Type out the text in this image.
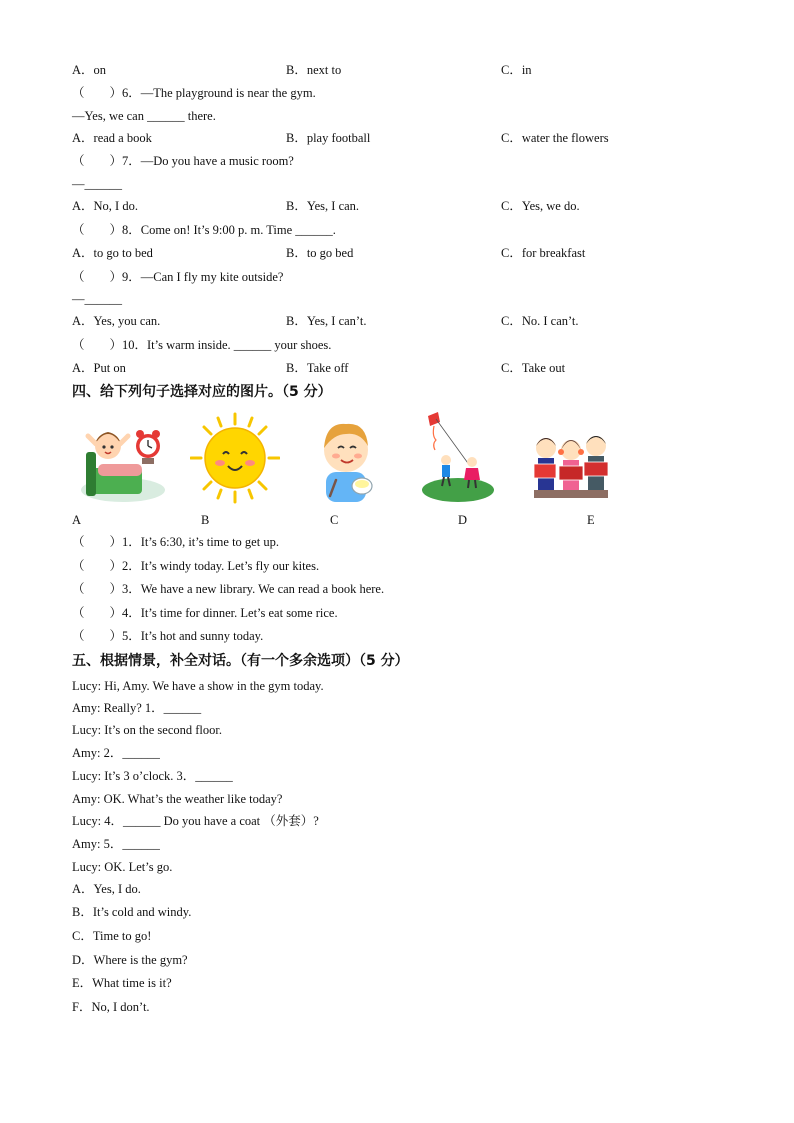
A．on	B．next to	C．in
（　　）6．—The playground is near the gym.
—Yes, we can ______ there.
A．read a book	B．play football	C．water the flowers
（　　）7．—Do you have a music room?
—______
A．No, I do.	B．Yes, I can.	C．Yes, we do.
（　　）8．Come on! It’s 9:00 p. m. Time ______.
A．to go to bed	B．to go bed	C．for breakfast
（　　）9．—Can I fly my kite outside?
—______
A．Yes, you can.	B．Yes, I can’t.	C．No. I can’t.
（　　）10．It’s warm inside. ______ your shoes.
A．Put on	B．Take off	C．Take out
四、给下列句子选择对应的图片。（5 分）
A	B	C	D	E
（　　）1．It’s 6:30, it’s time to get up.
（　　）2．It’s windy today. Let’s fly our kites.
（　　）3．We have a new library. We can read a book here.
（　　）4．It’s time for dinner. Let’s eat some rice.
（　　）5．It’s hot and sunny today.
五、根据情景，补全对话。（有一个多余选项）（5 分）
Lucy: Hi, Amy. We have a show in the gym today.
Amy: Really? 1．______
Lucy: It’s on the second floor.
Amy: 2．______
Lucy: It’s 3 o’clock. 3．______
Amy: OK. What’s the weather like today?
Lucy: 4．______ Do you have a coat （外套）?
Amy: 5．______
Lucy: OK. Let’s go.
A．Yes, I do.
B．It’s cold and windy.
C．Time to go!
D．Where is the gym?
E．What time is it?
F．No, I don’t.
